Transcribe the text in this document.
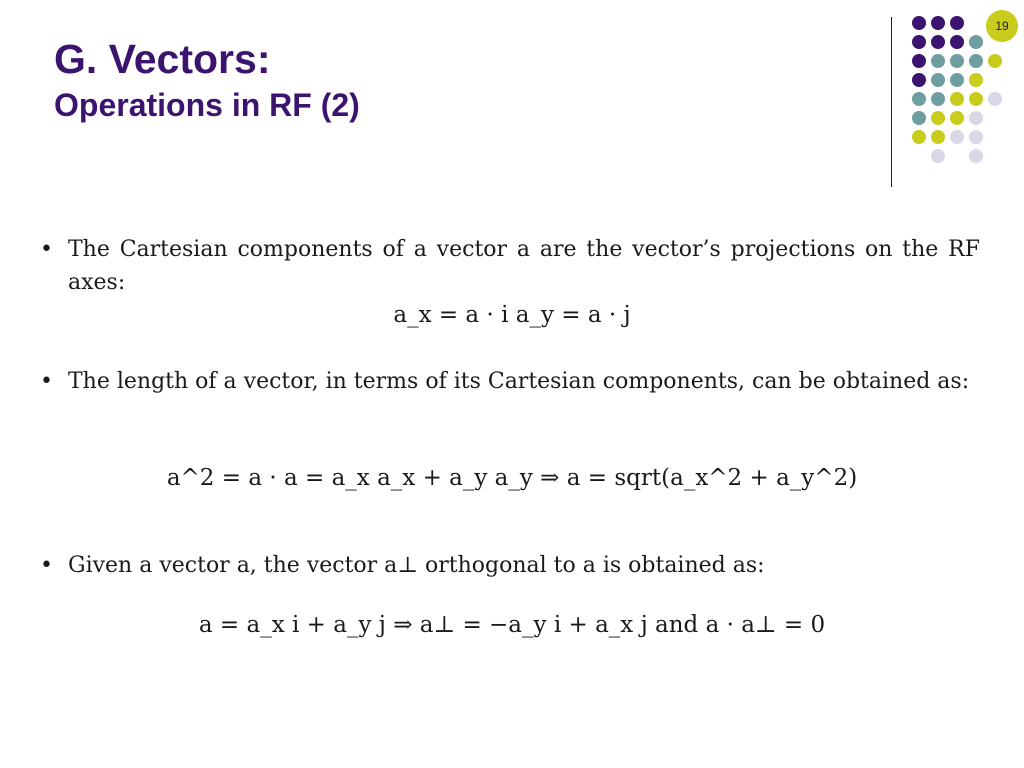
G. Vectors:
Operations in RF (2)
19
• The Cartesian components of a vector a are the vector’s projections on the RF axes:
a_x = a · i a_y = a · j
• The length of a vector, in terms of its Cartesian components, can be obtained as:
a^2 = a · a = a_x a_x + a_y a_y ⇒ a = sqrt(a_x^2 + a_y^2)
• Given a vector a, the vector a⊥ orthogonal to a is obtained as:
a = a_x i + a_y j ⇒ a⊥ = −a_y i + a_x j and a · a⊥ = 0
